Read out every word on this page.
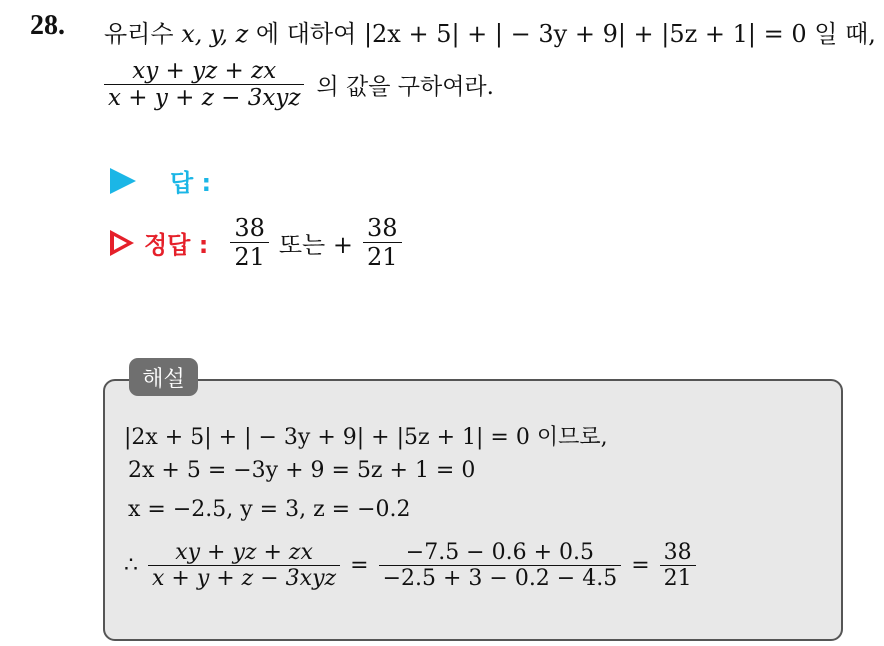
28. 유리수 x, y, z 에 대하여 |2x + 5| + | − 3y + 9| + |5z + 1| = 0 일 때,
$\frac{xy + yz + zx}{\text{x + y + z − 3xyz}}$ 의 값을 구하여라.
답 :
정답 : $\frac{38}{21}$ 또는 + $\frac{38}{21}$
해설
|2x + 5| + | − 3y + 9| + |5z + 1| = 0 이므로,
2x + 5 = −3y + 9 = 5z + 1 = 0
x = −2.5, y = 3, z = −0.2
∴ $\frac{xy + yz + zx}{\text{x + y + z − 3xyz}} = \frac{-7.5 - 0.6 + 0.5}{-2.5 + 3 - 0.2 - 4.5} = \frac{38}{21}$
